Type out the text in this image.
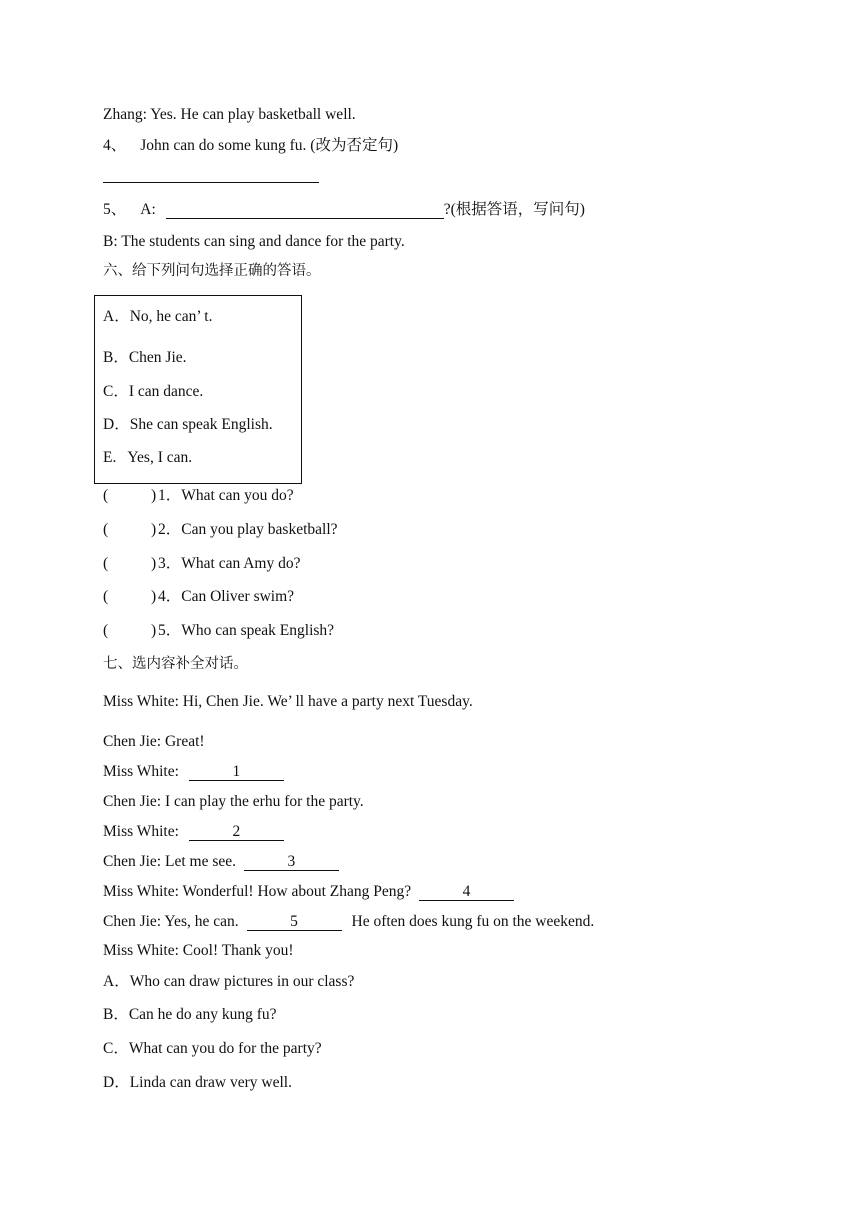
Zhang: Yes. He can play basketball well.
4、 John can do some kung fu. (改为否定句)
5、 A:	?(根据答语，写问句)
B: The students can sing and dance for the party.
六、给下列问句选择正确的答语。
A．No, he can’ t.
B．Chen Jie.
C．I can dance.
D．She can speak English.
E.   Yes, I can.
(	) 1．What can you do?
(	) 2．Can you play basketball?
(	) 3．What can Amy do?
(	) 4．Can Oliver swim?
(	) 5．Who can speak English?
七、选内容补全对话。
Miss White: Hi, Chen Jie. We’ ll have a party next Tuesday.
Chen Jie: Great!
Miss White:	1
Chen Jie: I can play the erhu for the party.
Miss White:	2
Chen Jie: Let me see.	3
Miss White: Wonderful! How about Zhang Peng?	4
Chen Jie: Yes, he can.	5	He often does kung fu on the weekend.
Miss White: Cool! Thank you!
A．Who can draw pictures in our class?
B．Can he do any kung fu?
C．What can you do for the party?
D．Linda can draw very well.
